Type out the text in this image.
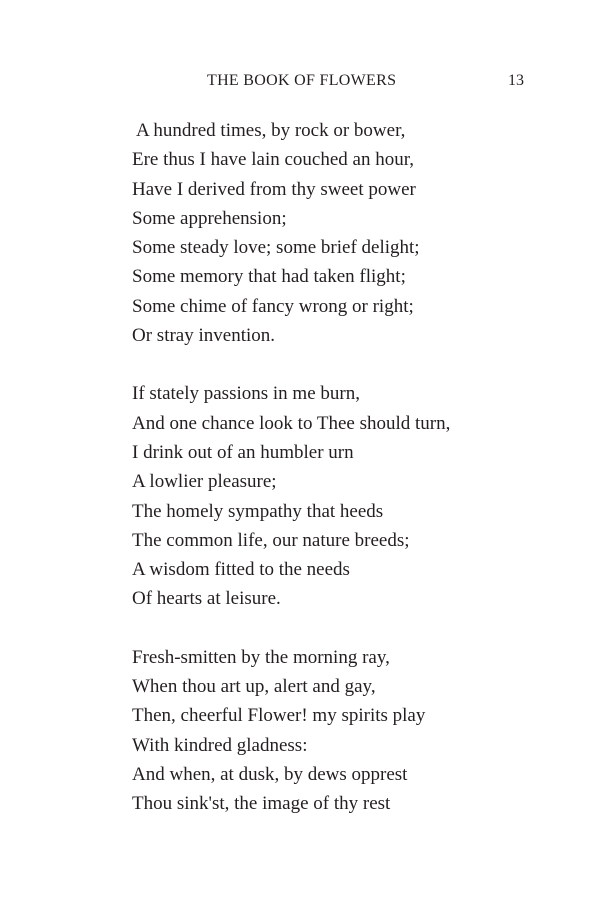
THE BOOK OF FLOWERS	13
A hundred times, by rock or bower,
Ere thus I have lain couched an hour,
Have I derived from thy sweet power
Some apprehension;
Some steady love; some brief delight;
Some memory that had taken flight;
Some chime of fancy wrong or right;
Or stray invention.
If stately passions in me burn,
And one chance look to Thee should turn,
I drink out of an humbler urn
A lowlier pleasure;
The homely sympathy that heeds
The common life, our nature breeds;
A wisdom fitted to the needs
Of hearts at leisure.
Fresh-smitten by the morning ray,
When thou art up, alert and gay,
Then, cheerful Flower! my spirits play
With kindred gladness:
And when, at dusk, by dews opprest
Thou sink'st, the image of thy rest
